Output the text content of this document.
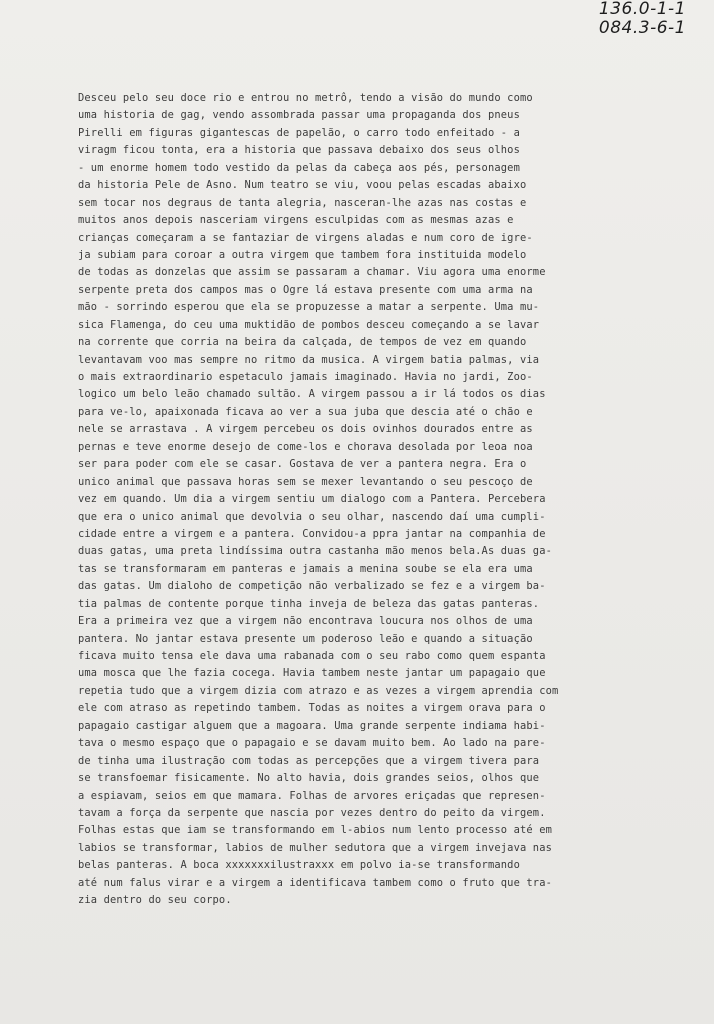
136.0-1-1
084.3-6-1
Desceu pelo seu doce rio e entrou no metrô, tendo a visão do mundo como
uma historia de gag, vendo assombrada passar uma propaganda dos pneus
Pirelli em figuras gigantescas de papelão, o carro todo enfeitado - a
viragm ficou tonta, era a historia que passava debaixo dos seus olhos
- um enorme homem todo vestido da pelas da cabeça aos pés, personagem
da historia Pele de Asno. Num teatro se viu, voou pelas escadas abaixo
sem tocar nos degraus de tanta alegria, nasceran-lhe azas nas costas e
muitos anos depois nasceriam virgens esculpidas com as mesmas azas e
crianças começaram a se fantaziar de virgens aladas e num coro de igre-
ja subiam para coroar a outra virgem que tambem fora instituida modelo
de todas as donzelas que assim se passaram a chamar. Viu agora uma enorme
serpente preta dos campos mas o Ogre lá estava presente com uma arma na
mão - sorrindo esperou que ela se propuzesse a matar a serpente. Uma mu-
sica Flamenga, do ceu uma muktidão de pombos desceu começando a se lavar
na corrente que corria na beira da calçada, de tempos de vez em quando
levantavam voo mas sempre no ritmo da musica. A virgem batia palmas, via
o mais extraordinario espetaculo jamais imaginado. Havia no jardi, Zoo-
logico um belo leão chamado sultão. A virgem passou a ir lá todos os dias
para ve-lo, apaixonada ficava ao ver a sua juba que descia até o chão e
nele se arrastava . A virgem percebeu os dois ovinhos dourados entre as
pernas e teve enorme desejo de come-los e chorava desolada por leoa noa
ser para poder com ele se casar. Gostava de ver a pantera negra. Era o
unico animal que passava horas sem se mexer levantando o seu pescoço de
vez em quando. Um dia a virgem sentiu um dialogo com a Pantera. Percebera
que era o unico animal que devolvia o seu olhar, nascendo daí uma cumpli-
cidade entre a virgem e a pantera. Convidou-a ppra jantar na companhia de
duas gatas, uma preta lindíssima outra castanha mão menos bela.As duas ga-
tas se transformaram em panteras e jamais a menina soube se ela era uma
das gatas. Um dialoho de competição não verbalizado se fez e a virgem ba-
tia palmas de contente porque tinha inveja de beleza das gatas panteras.
Era a primeira vez que a virgem não encontrava loucura nos olhos de uma
pantera. No jantar estava presente um poderoso leão e quando a situação
ficava muito tensa ele dava uma rabanada com o seu rabo como quem espanta
uma mosca que lhe fazia cocega. Havia tambem neste jantar um papagaio que
repetia tudo que a virgem dizia com atrazo e as vezes a virgem aprendia com
ele com atraso as repetindo tambem. Todas as noites a virgem orava para o
papagaio castigar alguem que a magoara. Uma grande serpente indiama habi-
tava o mesmo espaço que o papagaio e se davam muito bem. Ao lado na pare-
de tinha uma ilustração com todas as percepções que a virgem tivera para
se transfoemar fisicamente. No alto havia, dois grandes seios, olhos que
a espiavam, seios em que mamara. Folhas de arvores eriçadas que represen-
tavam a força da serpente que nascia por vezes dentro do peito da virgem.
Folhas estas que iam se transformando em l-abios num lento processo até em
labios se transformar, labios de mulher sedutora que a virgem invejava nas
belas panteras. A boca xxxxxxxilustraxxx em polvo ia-se transformando
até num falus virar e a virgem a identificava tambem como o fruto que tra-
zia dentro do seu corpo.
